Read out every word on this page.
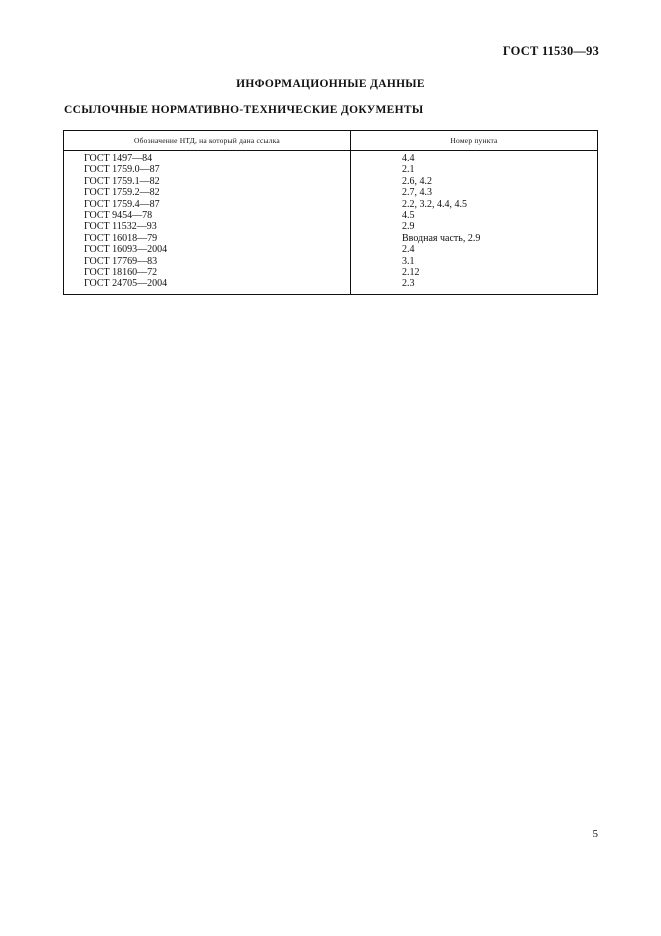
ГОСТ 11530—93
ИНФОРМАЦИОННЫЕ ДАННЫЕ
ССЫЛОЧНЫЕ НОРМАТИВНО-ТЕХНИЧЕСКИЕ ДОКУМЕНТЫ
Обозначение НТД, на который дана ссылка	Номер пункта
ГОСТ 1497—84	4.4
ГОСТ 1759.0—87	2.1
ГОСТ 1759.1—82	2.6, 4.2
ГОСТ 1759.2—82	2.7, 4.3
ГОСТ 1759.4—87	2.2, 3.2, 4.4, 4.5
ГОСТ 9454—78	4.5
ГОСТ 11532—93	2.9
ГОСТ 16018—79	Вводная часть, 2.9
ГОСТ 16093—2004	2.4
ГОСТ 17769—83	3.1
ГОСТ 18160—72	2.12
ГОСТ 24705—2004	2.3
5
